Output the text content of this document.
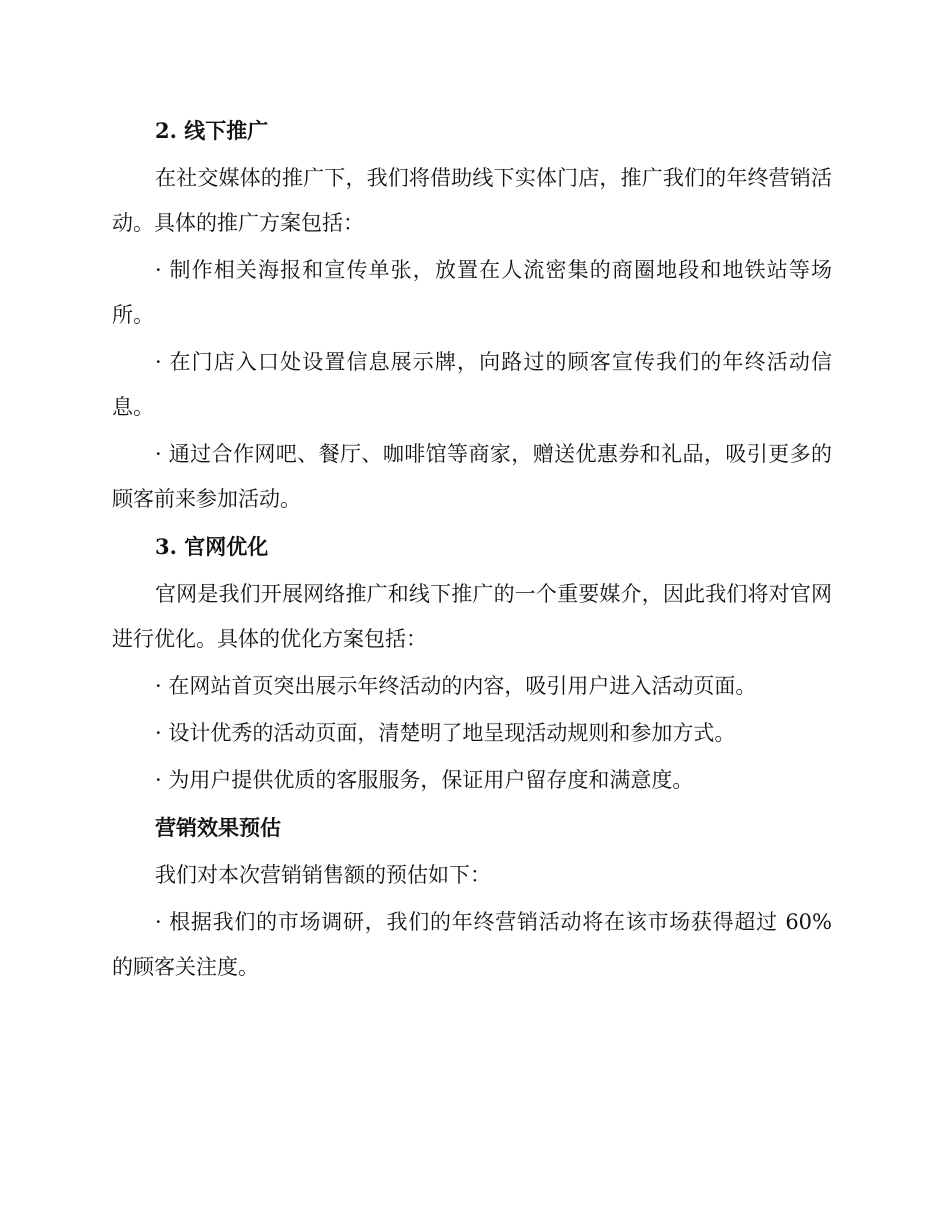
2. 线下推广
在社交媒体的推广下，我们将借助线下实体门店，推广我们的年终营销活动。具体的推广方案包括：
· 制作相关海报和宣传单张，放置在人流密集的商圈地段和地铁站等场所。
· 在门店入口处设置信息展示牌，向路过的顾客宣传我们的年终活动信息。
· 通过合作网吧、餐厅、咖啡馆等商家，赠送优惠券和礼品，吸引更多的顾客前来参加活动。
3. 官网优化
官网是我们开展网络推广和线下推广的一个重要媒介，因此我们将对官网进行优化。具体的优化方案包括：
· 在网站首页突出展示年终活动的内容，吸引用户进入活动页面。
· 设计优秀的活动页面，清楚明了地呈现活动规则和参加方式。
· 为用户提供优质的客服服务，保证用户留存度和满意度。
营销效果预估
我们对本次营销销售额的预估如下：
· 根据我们的市场调研，我们的年终营销活动将在该市场获得超过 60% 的顾客关注度。
